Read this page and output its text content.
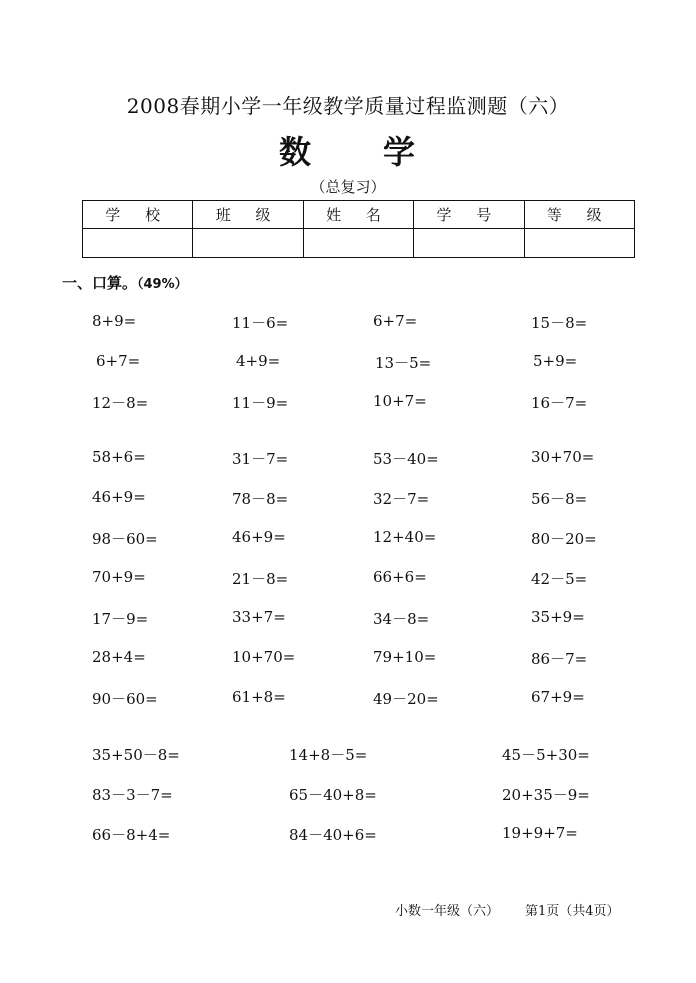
2008春期小学一年级教学质量过程监测题（六）
数 学
（总复习）
学 校	班 级	姓 名	学 号	等 级

一、口算。（49%）
8+9=	11－6=	6+7=	15－8=
6+7=	4+9=	13－5=	5+9=
12－8=	11－9=	10+7=	16－7=
58+6=	31－7=	53－40=	30+70=
46+9=	78－8=	32－7=	56－8=
98－60=	46+9=	12+40=	80－20=
70+9=	21－8=	66+6=	42－5=
17－9=	33+7=	34－8=	35+9=
28+4=	10+70=	79+10=	86－7=
90－60=	61+8=	49－20=	67+9=
35+50－8=	14+8－5=	45－5+30=
83－3－7=	65－40+8=	20+35－9=
66－8+4=	84－40+6=	19+9+7=
小数一年级（六） 第1页（共4页）
